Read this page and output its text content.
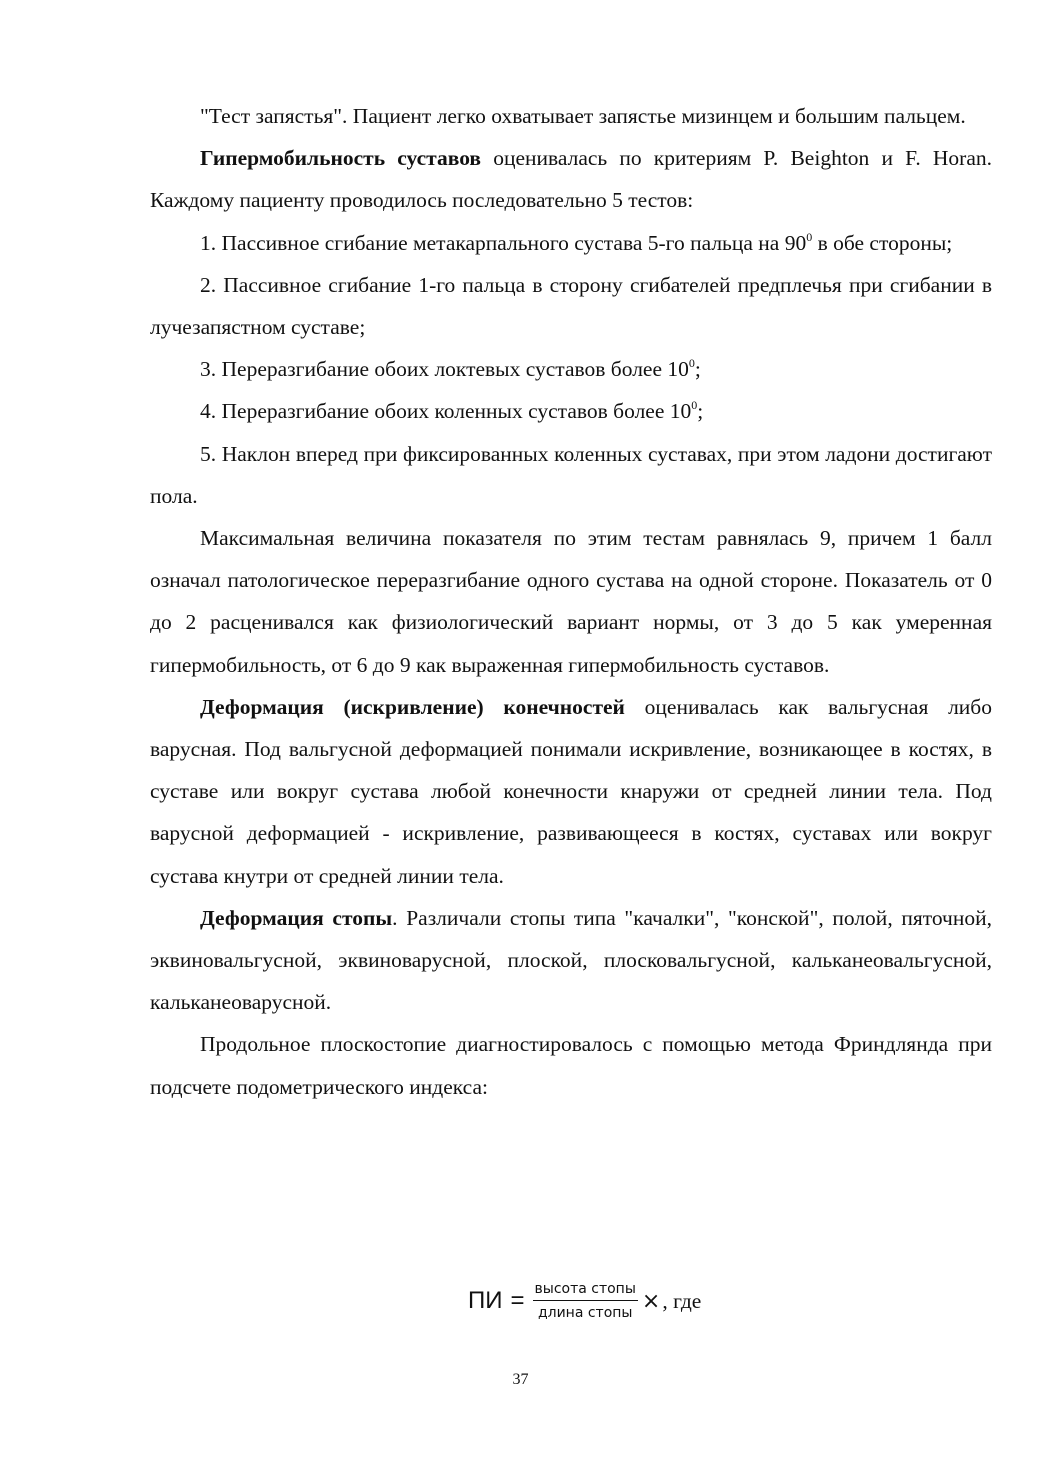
"Тест запястья". Пациент легко охватывает запястье мизинцем и большим пальцем.

Гипермобильность суставов оценивалась по критериям P. Beighton и F. Horan. Каждому пациенту проводилось последовательно 5 тестов:

1. Пассивное сгибание метакарпального сустава 5-го пальца на $90^0$ в обе стороны;

2. Пассивное сгибание 1-го пальца в сторону сгибателей предплечья при сгибании в лучезапястном суставе;

3. Переразгибание обоих локтевых суставов более $10^0$;

4. Переразгибание обоих коленных суставов более $10^0$;

5. Наклон вперед при фиксированных коленных суставах, при этом ладони достигают пола.

Максимальная величина показателя по этим тестам равнялась 9, причем 1 балл означал патологическое переразгибание одного сустава на одной стороне. Показатель от 0 до 2 расценивался как физиологический вариант нормы, от 3 до 5 как умеренная гипермобильность, от 6 до 9 как выраженная гипермобильность суставов.

Деформация (искривление) конечностей оценивалась как вальгусная либо варусная. Под вальгусной деформацией понимали искривление, возникающее в костях, в суставе или вокруг сустава любой конечности кнаружи от средней линии тела. Под варусной деформацией - искривление, развивающееся в костях, суставах или вокруг сустава кнутри от средней линии тела.

Деформация стопы. Различали стопы типа "качалки", "конской", полой, пяточной, эквиновальгусной, эквиноварусной, плоской, плосковальгусной, кальканеовальгусной, кальканеоварусной.

Продольное плоскостопие диагностировалось с помощью метода Фриндлянда при подсчете подометрического индекса:

ПИ = $\frac{\text{высота стопы}}{\text{длина стопы}}$ × , где
37
